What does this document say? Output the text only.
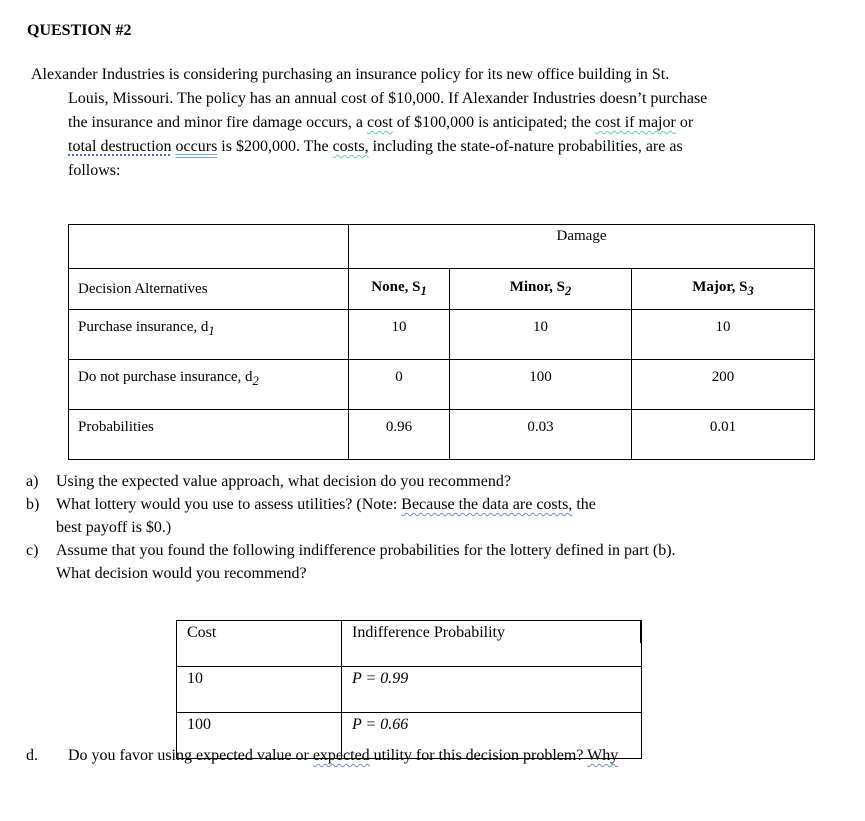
QUESTION #2
Alexander Industries is considering purchasing an insurance policy for its new office building in St.
Louis, Missouri. The policy has an annual cost of $10,000. If Alexander Industries doesn’t purchase
the insurance and minor fire damage occurs, a cost of $100,000 is anticipated; the cost if major or
total destruction occurs is $200,000. The costs, including the state-of-nature probabilities, are as
follows:
	Damage		
Decision Alternatives	None, $S_1$	Minor, $S_2$	Major, $S_3$
Purchase insurance, $d_1$	10	10	10
Do not purchase insurance, $d_2$	0	100	200
Probabilities	0.96	0.03	0.01
a)	Using the expected value approach, what decision do you recommend?
b)	What lottery would you use to assess utilities? (Note: Because the data are costs, the
best payoff is $0.)
c)	Assume that you found the following indifference probabilities for the lottery defined in part (b).
What decision would you recommend?
Cost	Indifference Probability
10	P = 0.99
100	P = 0.66
d. Do you favor using expected value or expected utility for this decision problem? Why
